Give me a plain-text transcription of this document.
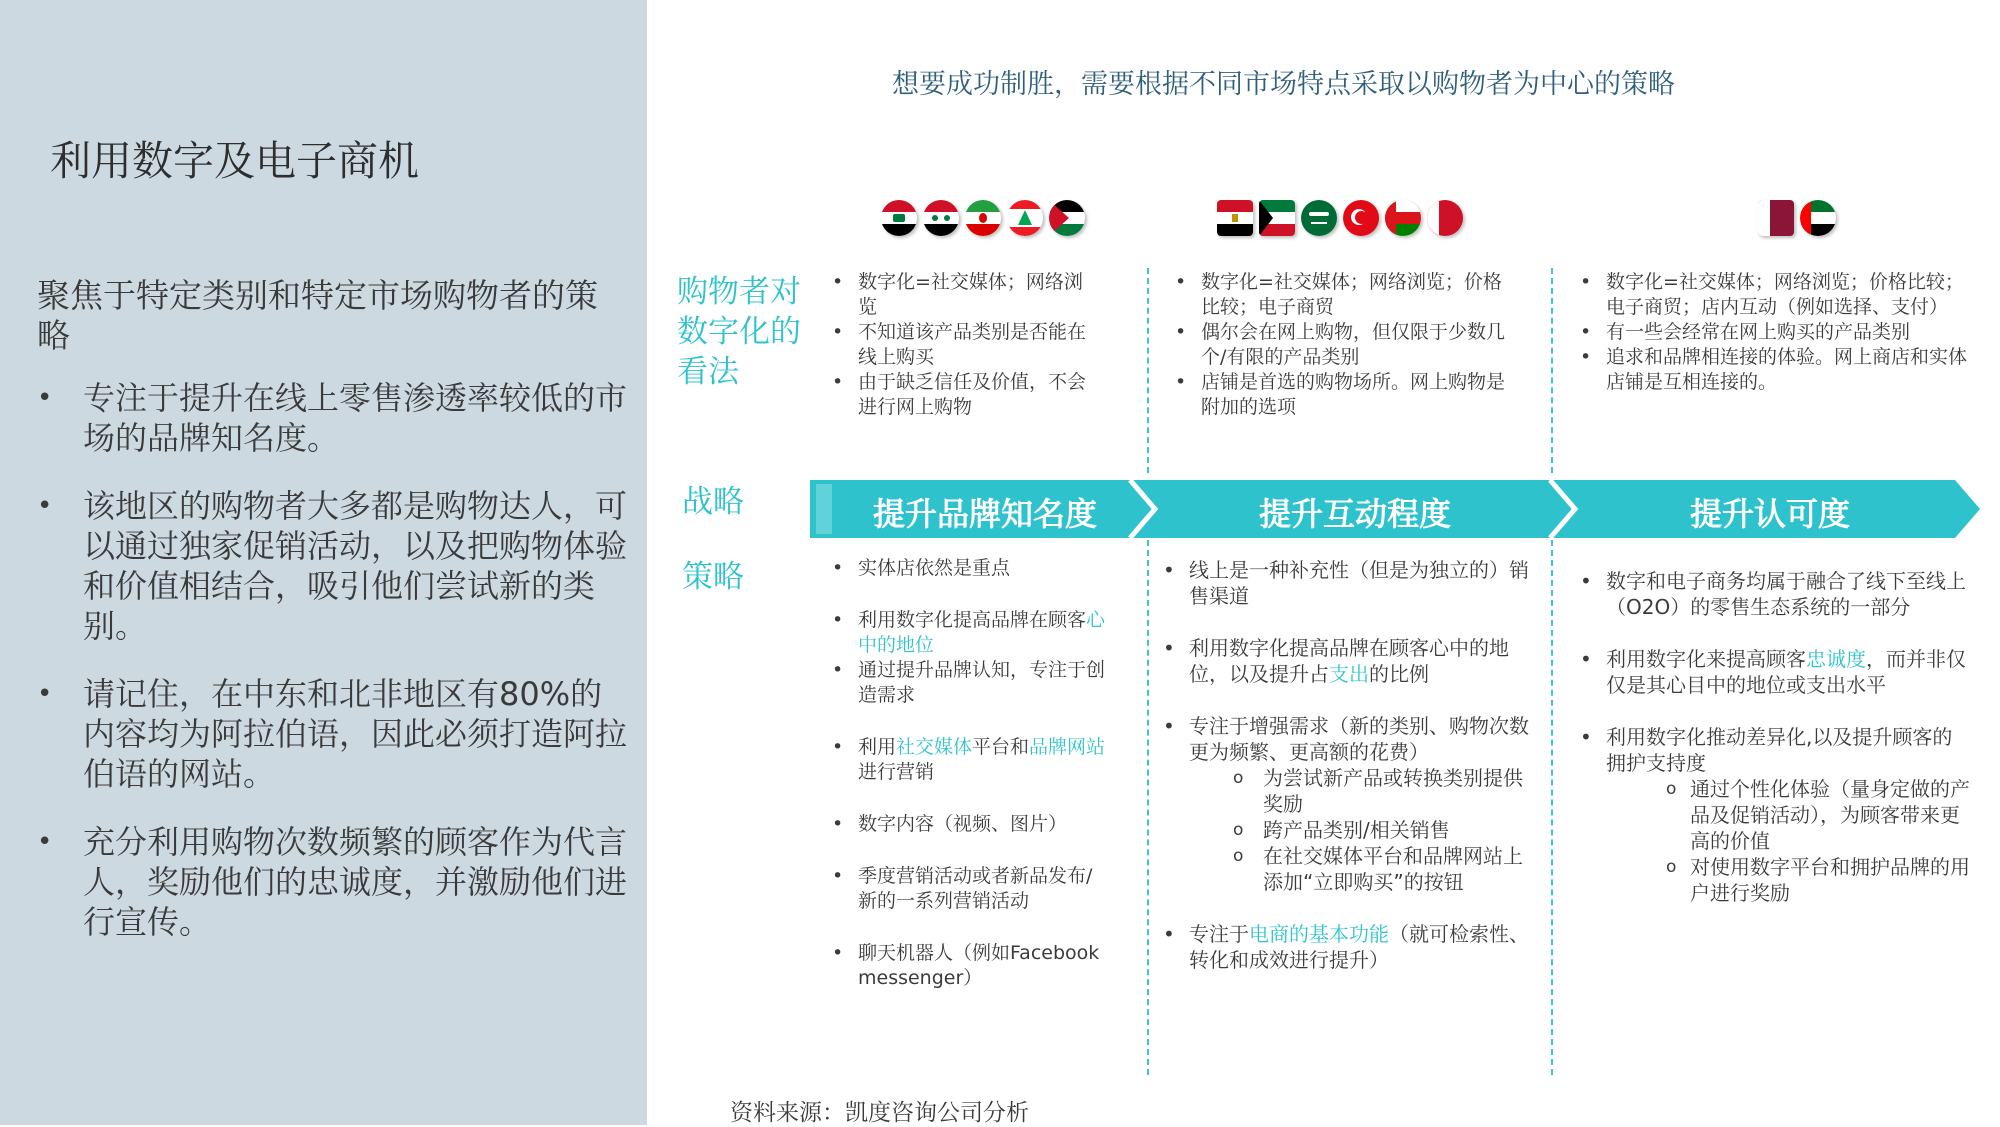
利用数字及电子商机
聚焦于特定类别和特定市场购物者的策略
• 专注于提升在线上零售渗透率较低的市场的品牌知名度。
• 该地区的购物者大多都是购物达人，可以通过独家促销活动，以及把购物体验和价值相结合，吸引他们尝试新的类别。
• 请记住，在中东和北非地区有80%的内容均为阿拉伯语，因此必须打造阿拉伯语的网站。
• 充分利用购物次数频繁的顾客作为代言人，奖励他们的忠诚度，并激励他们进行宣传。
想要成功制胜，需要根据不同市场特点采取以购物者为中心的策略
购物者对数字化的看法
战略
策略
• 数字化=社交媒体；网络浏览
• 不知道该产品类别是否能在线上购买
• 由于缺乏信任及价值，不会进行网上购物
• 数字化=社交媒体；网络浏览；价格比较；电子商贸
• 偶尔会在网上购物，但仅限于少数几个/有限的产品类别
• 店铺是首选的购物场所。网上购物是附加的选项
• 数字化=社交媒体；网络浏览；价格比较；电子商贸；店内互动（例如选择、支付）
• 有一些会经常在网上购买的产品类别
• 追求和品牌相连接的体验。网上商店和实体店铺是互相连接的。
提升品牌知名度	提升互动程度	提升认可度
• 实体店依然是重点
• 利用数字化提高品牌在顾客心中的地位
• 通过提升品牌认知，专注于创造需求
• 利用社交媒体平台和品牌网站进行营销
• 数字内容（视频、图片）
• 季度营销活动或者新品发布/新的一系列营销活动
• 聊天机器人（例如Facebook messenger）
• 线上是一种补充性（但是为独立的）销售渠道
• 利用数字化提高品牌在顾客心中的地位，以及提升占支出的比例
• 专注于增强需求（新的类别、购物次数更为频繁、更高额的花费）
o 为尝试新产品或转换类别提供奖励
o 跨产品类别/相关销售
o 在社交媒体平台和品牌网站上添加“立即购买”的按钮
• 专注于电商的基本功能（就可检索性、转化和成效进行提升）
• 数字和电子商务均属于融合了线下至线上（O2O）的零售生态系统的一部分
• 利用数字化来提高顾客忠诚度，而并非仅仅是其心目中的地位或支出水平
• 利用数字化推动差异化,以及提升顾客的拥护支持度
o 通过个性化体验（量身定做的产品及促销活动），为顾客带来更高的价值
o 对使用数字平台和拥护品牌的用户进行奖励
资料来源：凯度咨询公司分析
